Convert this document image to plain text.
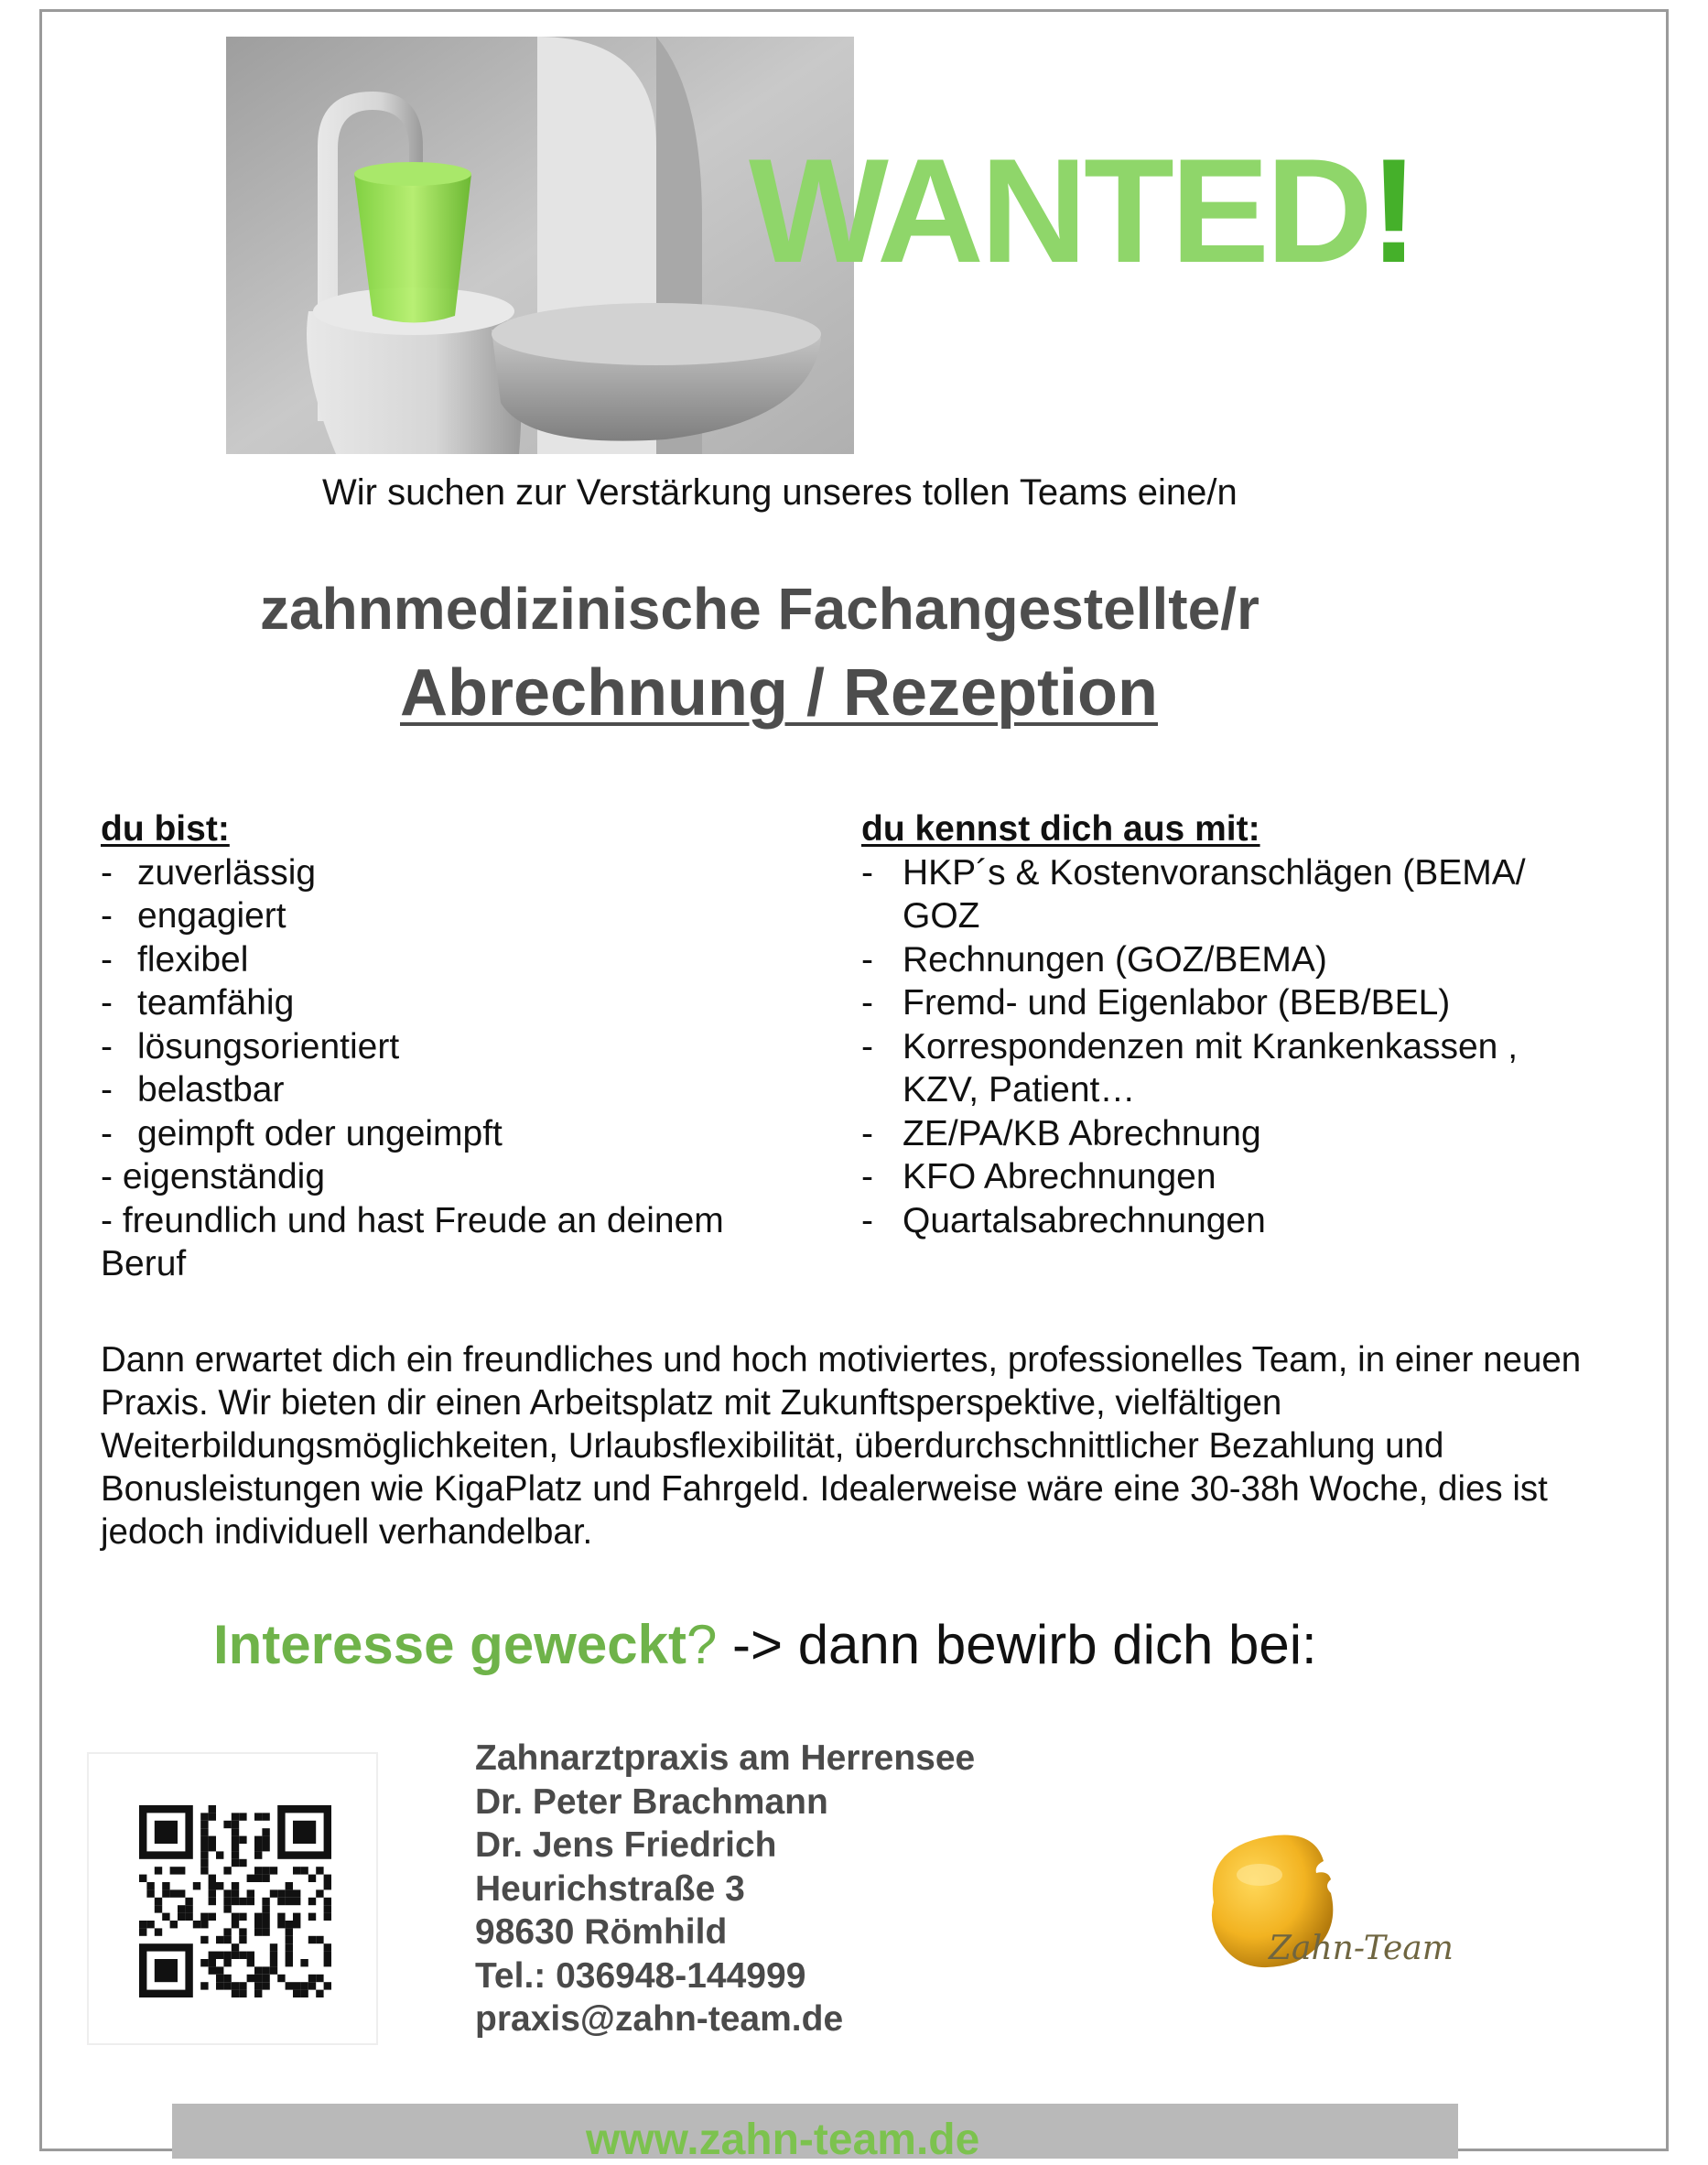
WANTED!
Wir suchen zur Verstärkung unseres tollen Teams eine/n
zahnmedizinische Fachangestellte/r
Abrechnung / Rezeption
du bist:
- zuverlässig
- engagiert
- flexibel
- teamfähig
- lösungsorientiert
- belastbar
- geimpft oder ungeimpft
- eigenständig
- freundlich und hast Freude an deinem Beruf
du kennst dich aus mit:
- HKP´s & Kostenvoranschlägen (BEMA/ GOZ
- Rechnungen (GOZ/BEMA)
- Fremd- und Eigenlabor (BEB/BEL)
- Korrespondenzen mit Krankenkassen , KZV, Patient…
- ZE/PA/KB Abrechnung
- KFO Abrechnungen
- Quartalsabrechnungen
Dann erwartet dich ein freundliches und hoch motiviertes, professionelles Team, in einer neuen Praxis. Wir bieten dir einen Arbeitsplatz mit Zukunftsperspektive, vielfältigen Weiterbildungsmöglichkeiten, Urlaubsflexibilität, überdurchschnittlicher Bezahlung und Bonusleistungen wie KigaPlatz und Fahrgeld. Idealerweise wäre eine 30-38h Woche, dies ist jedoch individuell verhandelbar.
Interesse geweckt? -> dann bewirb dich bei:
Zahnarztpraxis am Herrensee
Dr. Peter Brachmann
Dr. Jens Friedrich
Heurichstraße 3
98630 Römhild
Tel.: 036948-144999
praxis@zahn-team.de
Zahn-Team
www.zahn-team.de
